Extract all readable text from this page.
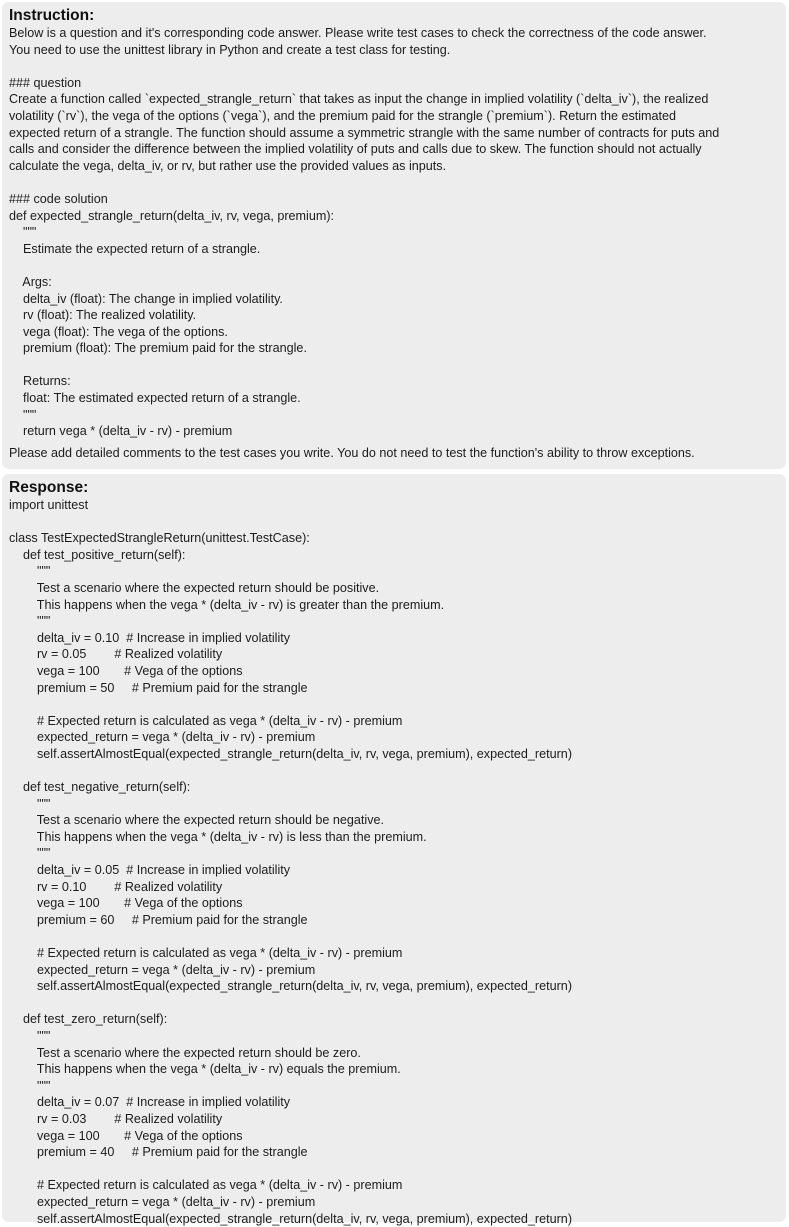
Instruction:
Below is a question and it's corresponding code answer. Please write test cases to check the correctness of the code answer.
You need to use the unittest library in Python and create a test class for testing.
### question
Create a function called `expected_strangle_return` that takes as input the change in implied volatility (`delta_iv`), the realized
volatility (`rv`), the vega of the options (`vega`), and the premium paid for the strangle (`premium`). Return the estimated
expected return of a strangle. The function should assume a symmetric strangle with the same number of contracts for puts and
calls and consider the difference between the implied volatility of puts and calls due to skew. The function should not actually
calculate the vega, delta_iv, or rv, but rather use the provided values as inputs.
### code solution
def expected_strangle_return(delta_iv, rv, vega, premium):
"""
Estimate the expected return of a strangle.

Args:
delta_iv (float): The change in implied volatility.
rv (float): The realized volatility.
vega (float): The vega of the options.
premium (float): The premium paid for the strangle.

Returns:
float: The estimated expected return of a strangle.
"""
return vega * (delta_iv - rv) - premium
Please add detailed comments to the test cases you write. You do not need to test the function's ability to throw exceptions.
Response:
import unittest

class TestExpectedStrangleReturn(unittest.TestCase):
def test_positive_return(self):
"""
Test a scenario where the expected return should be positive.
This happens when the vega * (delta_iv - rv) is greater than the premium.
"""
delta_iv = 0.10  # Increase in implied volatility
rv = 0.05        # Realized volatility
vega = 100       # Vega of the options
premium = 50     # Premium paid for the strangle

# Expected return is calculated as vega * (delta_iv - rv) - premium
expected_return = vega * (delta_iv - rv) - premium
self.assertAlmostEqual(expected_strangle_return(delta_iv, rv, vega, premium), expected_return)

def test_negative_return(self):
"""
Test a scenario where the expected return should be negative.
This happens when the vega * (delta_iv - rv) is less than the premium.
"""
delta_iv = 0.05  # Increase in implied volatility
rv = 0.10        # Realized volatility
vega = 100       # Vega of the options
premium = 60     # Premium paid for the strangle

# Expected return is calculated as vega * (delta_iv - rv) - premium
expected_return = vega * (delta_iv - rv) - premium
self.assertAlmostEqual(expected_strangle_return(delta_iv, rv, vega, premium), expected_return)

def test_zero_return(self):
"""
Test a scenario where the expected return should be zero.
This happens when the vega * (delta_iv - rv) equals the premium.
"""
delta_iv = 0.07  # Increase in implied volatility
rv = 0.03        # Realized volatility
vega = 100       # Vega of the options
premium = 40     # Premium paid for the strangle

# Expected return is calculated as vega * (delta_iv - rv) - premium
expected_return = vega * (delta_iv - rv) - premium
self.assertAlmostEqual(expected_strangle_return(delta_iv, rv, vega, premium), expected_return)
